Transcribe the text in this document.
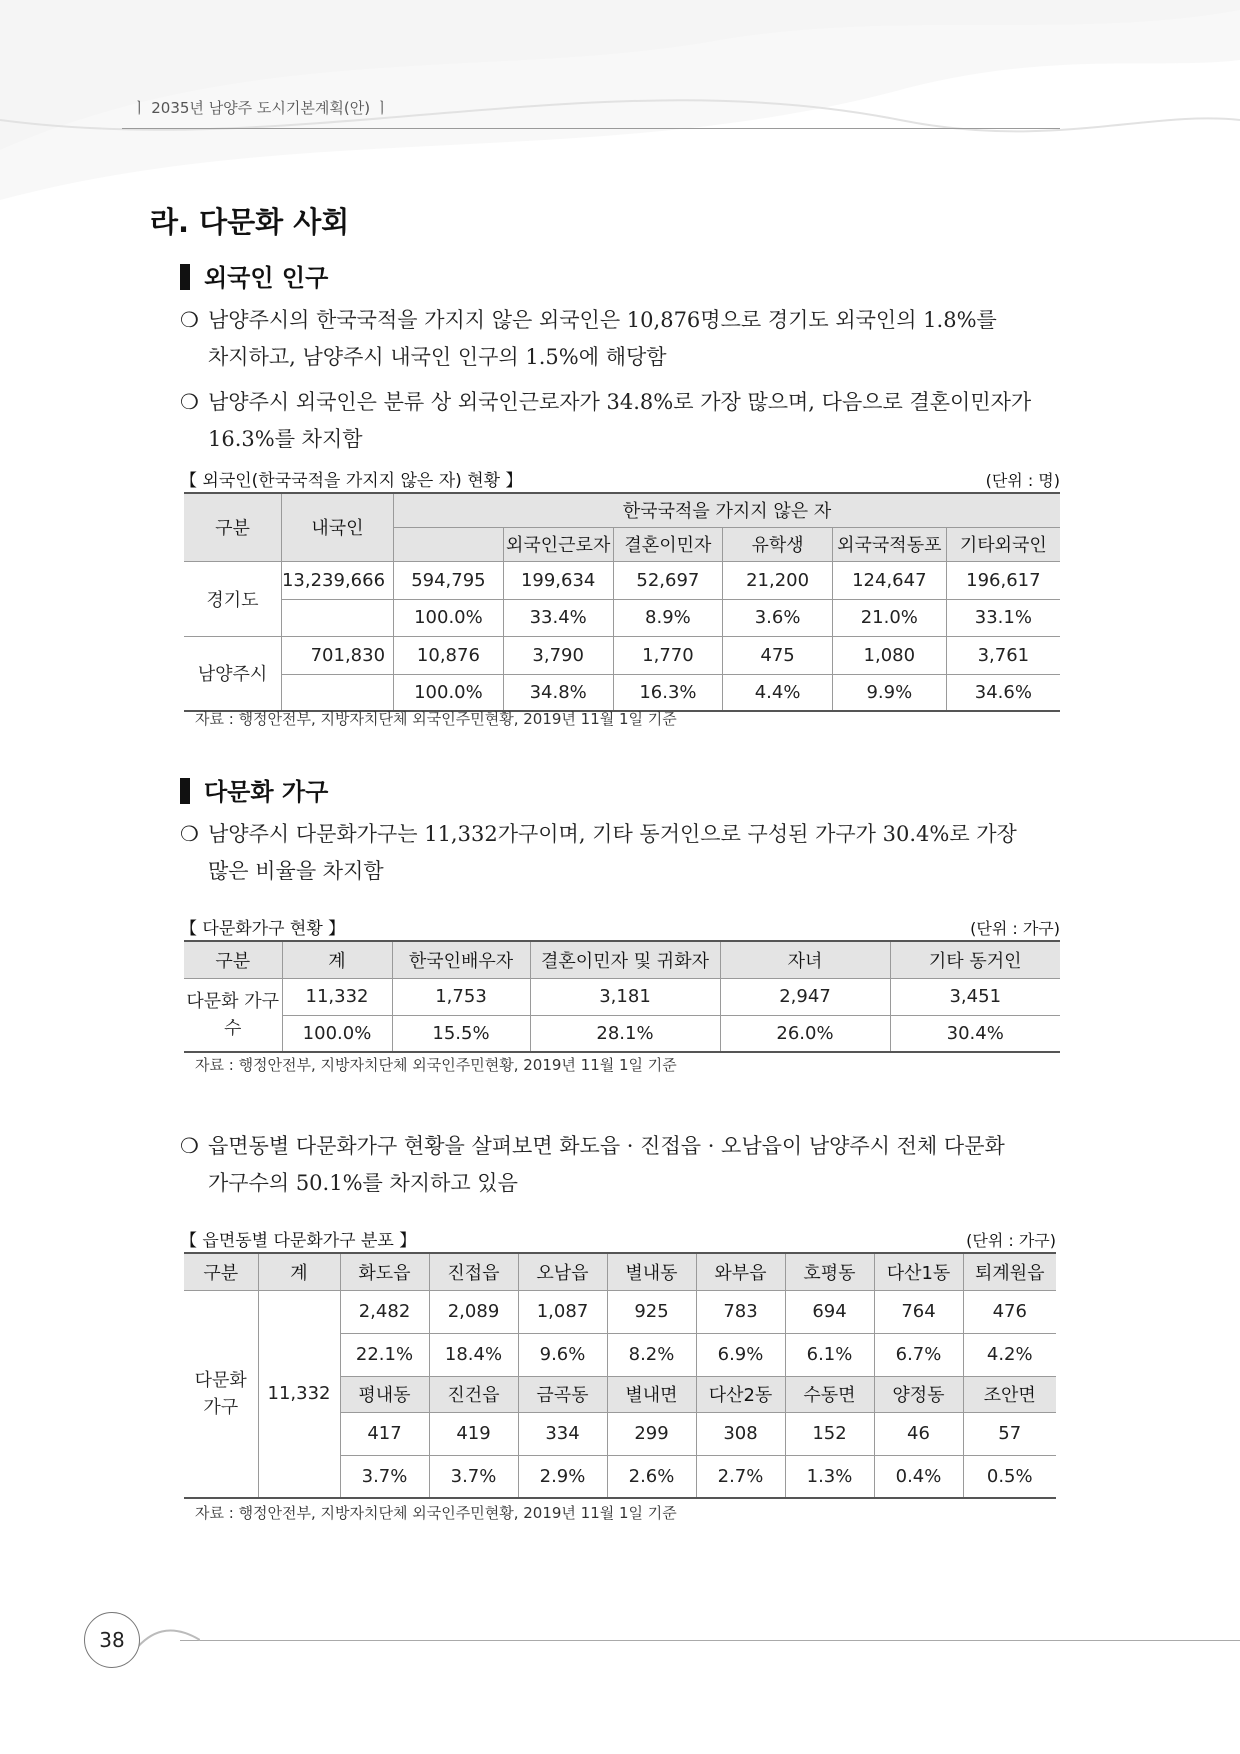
ㅣ 2035년 남양주 도시기본계획(안) ㅣ
라. 다문화 사회
외국인 인구
❍ 남양주시의 한국국적을 가지지 않은 외국인은 10,876명으로 경기도 외국인의 1.8%를
차지하고, 남양주시 내국인 인구의 1.5%에 해당함
❍ 남양주시 외국인은 분류 상 외국인근로자가 34.8%로 가장 많으며, 다음으로 결혼이민자가
16.3%를 차지함
【 외국인(한국국적을 가지지 않은 자) 현황 】	(단위 : 명)
구분	내국인	한국국적을 가지지 않은 자					
			외국인근로자	결혼이민자	유학생	외국국적동포	기타외국인
경기도	13,239,666	594,795	199,634	52,697	21,200	124,647	196,617
		100.0%	33.4%	8.9%	3.6%	21.0%	33.1%
남양주시	701,830	10,876	3,790	1,770	475	1,080	3,761
		100.0%	34.8%	16.3%	4.4%	9.9%	34.6%
자료 : 행정안전부, 지방자치단체 외국인주민현황, 2019년 11월 1일 기준
다문화 가구
❍ 남양주시 다문화가구는 11,332가구이며, 기타 동거인으로 구성된 가구가 30.4%로 가장
많은 비율을 차지함
【 다문화가구 현황 】	(단위 : 가구)
구분	계	한국인배우자	결혼이민자 및 귀화자	자녀	기타 동거인
다문화 가구수	11,332	1,753	3,181	2,947	3,451
	100.0%	15.5%	28.1%	26.0%	30.4%
자료 : 행정안전부, 지방자치단체 외국인주민현황, 2019년 11월 1일 기준
❍ 읍면동별 다문화가구 현황을 살펴보면 화도읍 · 진접읍 · 오남읍이 남양주시 전체 다문화
가구수의 50.1%를 차지하고 있음
【 읍면동별 다문화가구 분포 】	(단위 : 가구)
구분	계	화도읍	진접읍	오남읍	별내동	와부읍	호평동	다산1동	퇴계원읍
다문화 가구	11,332	2,482	2,089	1,087	925	783	694	764	476
		22.1%	18.4%	9.6%	8.2%	6.9%	6.1%	6.7%	4.2%
		평내동	진건읍	금곡동	별내면	다산2동	수동면	양정동	조안면
		417	419	334	299	308	152	46	57
		3.7%	3.7%	2.9%	2.6%	2.7%	1.3%	0.4%	0.5%
자료 : 행정안전부, 지방자치단체 외국인주민현황, 2019년 11월 1일 기준
38
